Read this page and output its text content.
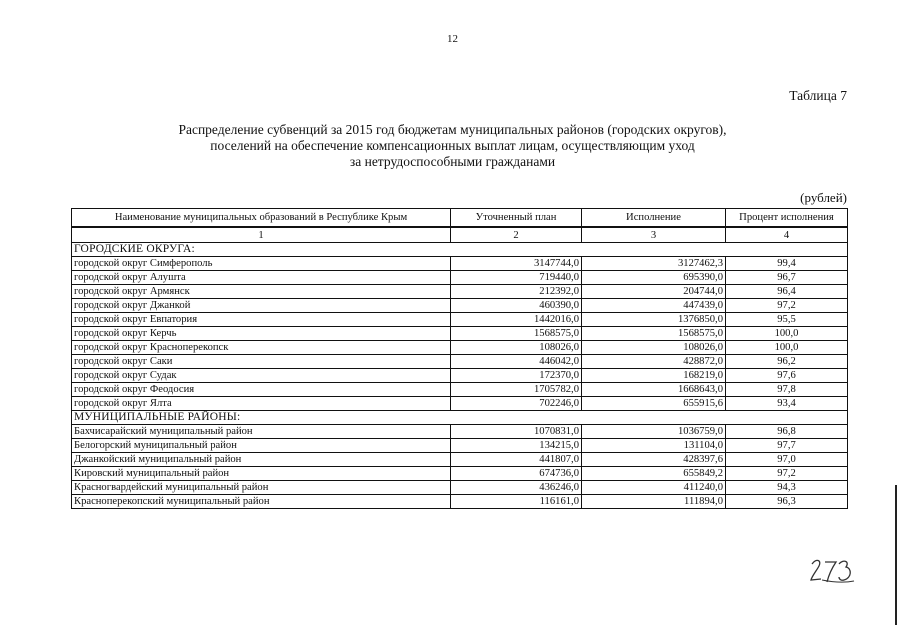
12
Таблица 7
Распределение субвенций за 2015 год бюджетам муниципальных районов (городских округов),
поселений на обеспечение компенсационных выплат лицам, осуществляющим уход
за нетрудоспособными гражданами
(рублей)
Наименование муниципальных образований в Республике Крым	Уточненный план	Исполнение	Процент исполнения
1	2	3	4
ГОРОДСКИЕ ОКРУГА:			
городской округ Симферополь	3147744,0	3127462,3	99,4
городской округ Алушта	719440,0	695390,0	96,7
городской округ Армянск	212392,0	204744,0	96,4
городской округ Джанкой	460390,0	447439,0	97,2
городской округ Евпатория	1442016,0	1376850,0	95,5
городской округ Керчь	1568575,0	1568575,0	100,0
городской округ Красноперекопск	108026,0	108026,0	100,0
городской округ Саки	446042,0	428872,0	96,2
городской округ Судак	172370,0	168219,0	97,6
городской округ Феодосия	1705782,0	1668643,0	97,8
городской округ Ялта	702246,0	655915,6	93,4
МУНИЦИПАЛЬНЫЕ РАЙОНЫ:			
Бахчисарайский муниципальный район	1070831,0	1036759,0	96,8
Белогорский муниципальный район	134215,0	131104,0	97,7
Джанкойский муниципальный район	441807,0	428397,6	97,0
Кировский муниципальный район	674736,0	655849,2	97,2
Красногвардейский муниципальный район	436246,0	411240,0	94,3
Красноперекопский муниципальный район	116161,0	111894,0	96,3
